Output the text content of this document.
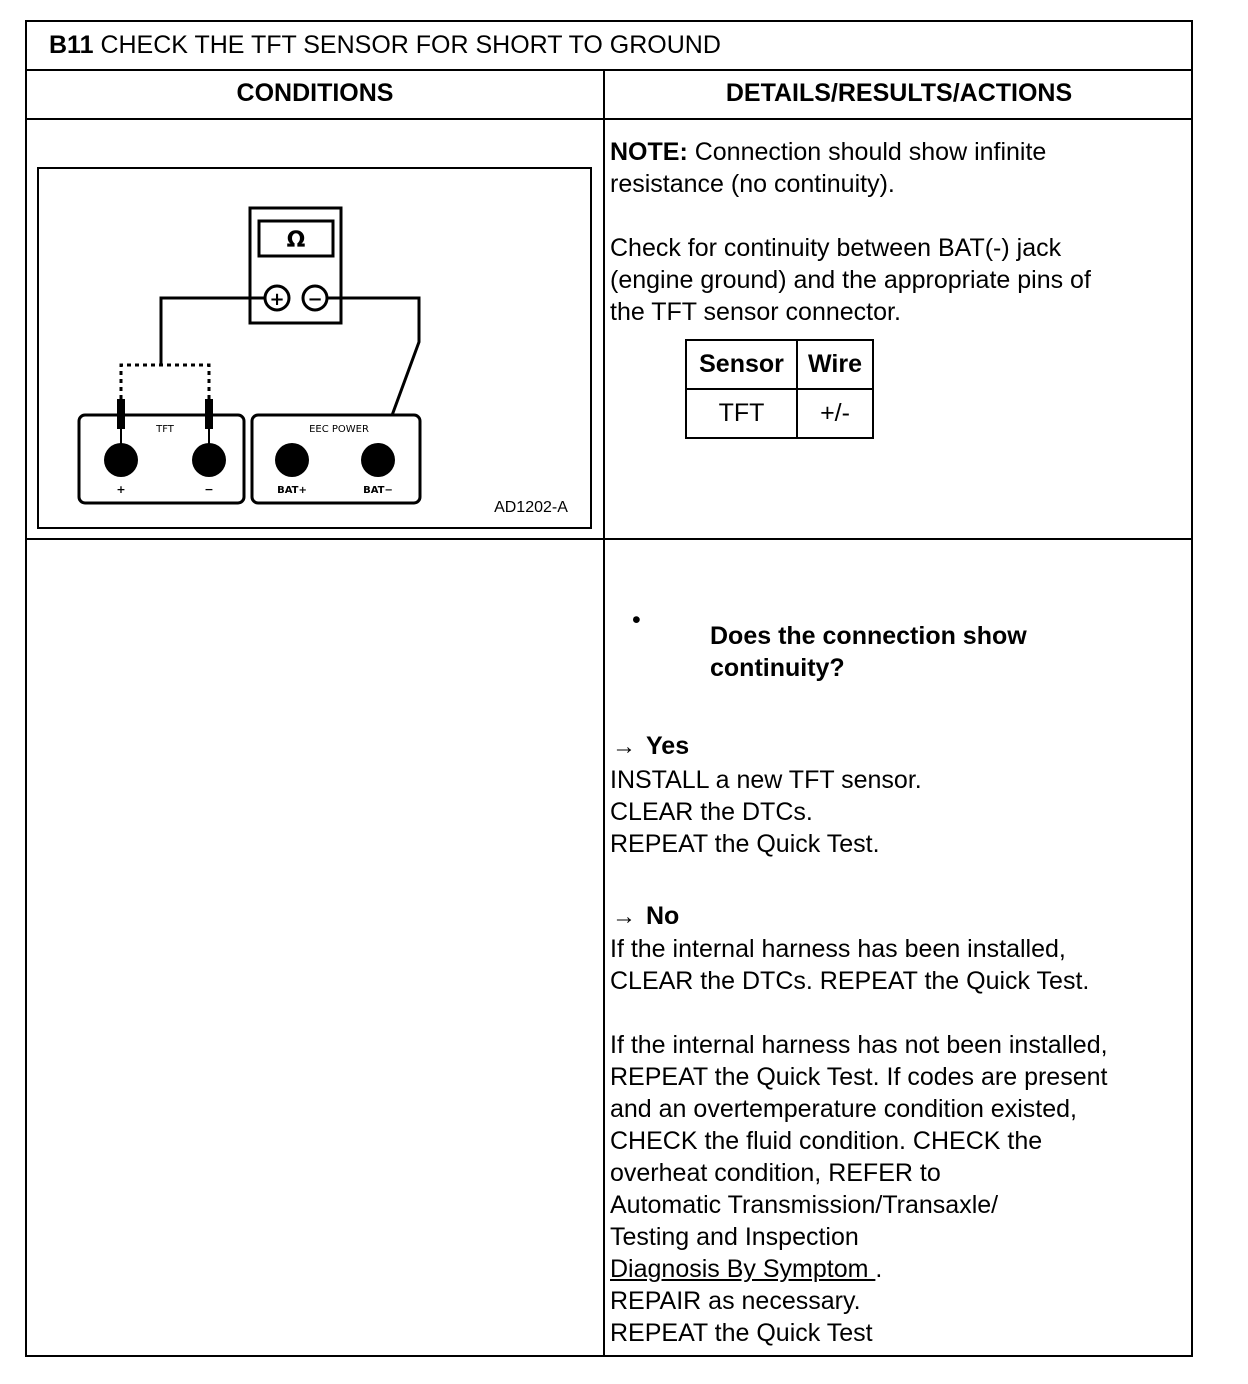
B11 CHECK THE TFT SENSOR FOR SHORT TO GROUND
CONDITIONS	DETAILS/RESULTS/ACTIONS
Ω
+ −
TFT
+	−
EEC POWER
BAT+	BAT−
AD1202-A
NOTE: Connection should show infinite
resistance (no continuity).
Check for continuity between BAT(-) jack
(engine ground) and the appropriate pins of
the TFT sensor connector.
Sensor	Wire
TFT	+/-
•
Does the connection show
continuity?
→ Yes
INSTALL a new TFT sensor.
CLEAR the DTCs.
REPEAT the Quick Test.
→ No
If the internal harness has been installed,
CLEAR the DTCs. REPEAT the Quick Test.
If the internal harness has not been installed,
REPEAT the Quick Test. If codes are present
and an overtemperature condition existed,
CHECK the fluid condition. CHECK the
overheat condition, REFER to
Automatic Transmission/Transaxle/
Testing and Inspection
Diagnosis By Symptom .
REPAIR as necessary.
REPEAT the Quick Test
